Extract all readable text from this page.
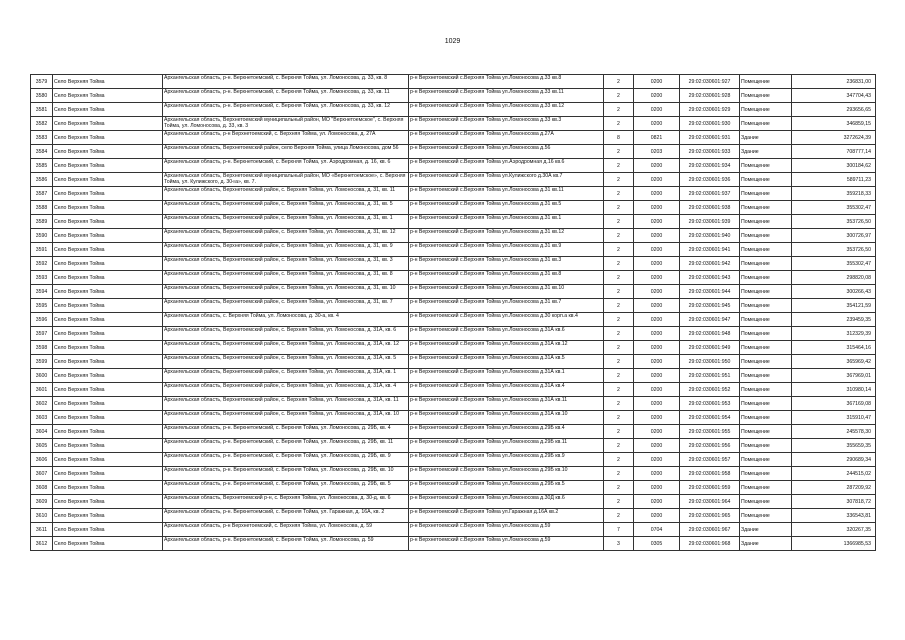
1029
3579	Село Верхняя Тойма	Архангельская область, р-н. Верхнетоемский, с. Верхняя Тойма, ул. Ломоносова, д. 33, кв. 8	р-н Верхнетоемский с.Верхняя Тойма ул.Ломоносова д.33 кв.8	2	0200	29:02:030601:927	Помещение	236831,00
3580	Село Верхняя Тойма	Архангельская область, р-н. Верхнетоемский, с. Верхняя Тойма, ул. Ломоносова, д. 33, кв. 11	р-н Верхнетоемский с.Верхняя Тойма ул.Ломоносова д.33 кв.11	2	0200	29:02:030601:928	Помещение	347704,43
3581	Село Верхняя Тойма	Архангельская область, р-н. Верхнетоемский, с. Верхняя Тойма, ул. Ломоносова, д. 33, кв. 12	р-н Верхнетоемский с.Верхняя Тойма ул.Ломоносова д.33 кв.12	2	0200	29:02:030601:929	Помещение	293656,65
3582	Село Верхняя Тойма	Архангельская область, Верхнетоемский муниципальный район, МО "Верхнетоемское", с. Верхняя Тойма, ул. Ломоносова, д. 33, кв. 3	р-н Верхнетоемский с.Верхняя Тойма ул.Ломоносова д.33 кв.3	2	0200	29:02:030601:930	Помещение	346859,15
3583	Село Верхняя Тойма	Архангельская область, р-н Верхнетоемский, с. Верхняя Тойма, ул. Ломоносова, д. 27А	р-н Верхнетоемский с.Верхняя Тойма ул.Ломоносова д.27А	8	0821	29:02:030601:931	Здание	3272624,39
3584	Село Верхняя Тойма	Архангельская область, Верхнетоемский район, село Верхняя Тойма, улица Ломоносова, дом 56	р-н Верхнетоемский с.Верхняя Тойма ул.Ломоносова д.56	2	0203	29:02:030601:933	Здание	708777,14
3585	Село Верхняя Тойма	Архангельская область, р-н. Верхнетоемский, с. Верхняя Тойма, ул. Аэродромная, д. 16, кв. 6	р-н Верхнетоемский с.Верхняя Тойма ул.Аэродромная д.16 кв.6	2	0200	29:02:030601:934	Помещение	300184,62
3586	Село Верхняя Тойма	Архангельская область, Верхнетоемский муниципальный район, МО «Верхнетоемское», с. Верхняя Тойма, ул. Кулижского, д. 30«а», кв. 7.	р-н Верхнетоемский с.Верхняя Тойма ул.Кулижского д.30А кв.7	2	0200	29:02:030601:936	Помещение	589711,23
3587	Село Верхняя Тойма	Архангельская область, Верхнетоемский район, с. Верхняя Тойма, ул. Ломоносова, д. 31, кв. 11	р-н Верхнетоемский с.Верхняя Тойма ул.Ломоносова д.31 кв.11	2	0200	29:02:030601:937	Помещение	359218,33
3588	Село Верхняя Тойма	Архангельская область, Верхнетоемский район, с. Верхняя Тойма, ул. Ломоносова, д. 31, кв. 5	р-н Верхнетоемский с.Верхняя Тойма ул.Ломоносова д.31 кв.5	2	0200	29:02:030601:938	Помещение	355302,47
3589	Село Верхняя Тойма	Архангельская область, Верхнетоемский район, с. Верхняя Тойма, ул. Ломоносова, д. 31, кв. 1	р-н Верхнетоемский с.Верхняя Тойма ул.Ломоносова д.31 кв.1	2	0200	29:02:030601:939	Помещение	353726,50
3590	Село Верхняя Тойма	Архангельская область, Верхнетоемский район, с. Верхняя Тойма, ул. Ломоносова, д. 31, кв. 12	р-н Верхнетоемский с.Верхняя Тойма ул.Ломоносова д.31 кв.12	2	0200	29:02:030601:940	Помещение	300726,97
3591	Село Верхняя Тойма	Архангельская область, Верхнетоемский район, с. Верхняя Тойма, ул. Ломоносова, д. 31, кв. 9	р-н Верхнетоемский с.Верхняя Тойма ул.Ломоносова д.31 кв.9	2	0200	29:02:030601:941	Помещение	353726,50
3592	Село Верхняя Тойма	Архангельская область, Верхнетоемский район, с. Верхняя Тойма, ул. Ломоносова, д. 31, кв. 3	р-н Верхнетоемский с.Верхняя Тойма ул.Ломоносова д.31 кв.3	2	0200	29:02:030601:942	Помещение	355302,47
3593	Село Верхняя Тойма	Архангельская область, Верхнетоемский район, с. Верхняя Тойма, ул. Ломоносова, д. 31, кв. 8	р-н Верхнетоемский с.Верхняя Тойма ул.Ломоносова д.31 кв.8	2	0200	29:02:030601:943	Помещение	298820,08
3594	Село Верхняя Тойма	Архангельская область, Верхнетоемский район, с. Верхняя Тойма, ул. Ломоносова, д. 31, кв. 10	р-н Верхнетоемский с.Верхняя Тойма ул.Ломоносова д.31 кв.10	2	0200	29:02:030601:944	Помещение	300266,43
3595	Село Верхняя Тойма	Архангельская область, Верхнетоемский район, с. Верхняя Тойма, ул. Ломоносова, д. 31, кв. 7	р-н Верхнетоемский с.Верхняя Тойма ул.Ломоносова д.31 кв.7	2	0200	29:02:030601:945	Помещение	354121,59
3596	Село Верхняя Тойма	Архангельская область, с. Верхняя Тойма, ул. Ломоносова, д. 30-а, кв. 4	р-н Верхнетоемский с.Верхняя Тойма ул.Ломоносова д.30 корп.а кв.4	2	0200	29:02:030601:947	Помещение	239459,35
3597	Село Верхняя Тойма	Архангельская область, Верхнетоемский район, с. Верхняя Тойма, ул. Ломоносова, д. 31А, кв. 6	р-н Верхнетоемский с.Верхняя Тойма ул.Ломоносова д.31А кв.6	2	0200	29:02:030601:948	Помещение	312329,39
3598	Село Верхняя Тойма	Архангельская область, Верхнетоемский район, с. Верхняя Тойма, ул. Ломоносова, д. 31А, кв. 12	р-н Верхнетоемский с.Верхняя Тойма ул.Ломоносова д.31А кв.12	2	0200	29:02:030601:949	Помещение	315464,16
3599	Село Верхняя Тойма	Архангельская область, Верхнетоемский район, с. Верхняя Тойма, ул. Ломоносова, д. 31А, кв. 5	р-н Верхнетоемский с.Верхняя Тойма ул.Ломоносова д.31А кв.5	2	0200	29:02:030601:950	Помещение	365969,42
3600	Село Верхняя Тойма	Архангельская область, Верхнетоемский район, с. Верхняя Тойма, ул. Ломоносова, д. 31А, кв. 1	р-н Верхнетоемский с.Верхняя Тойма ул.Ломоносова д.31А кв.1	2	0200	29:02:030601:951	Помещение	367969,01
3601	Село Верхняя Тойма	Архангельская область, Верхнетоемский район, с. Верхняя Тойма, ул. Ломоносова, д. 31А, кв. 4	р-н Верхнетоемский с.Верхняя Тойма ул.Ломоносова д.31А кв.4	2	0200	29:02:030601:952	Помещение	310980,14
3602	Село Верхняя Тойма	Архангельская область, Верхнетоемский район, с. Верхняя Тойма, ул. Ломоносова, д. 31А, кв. 11	р-н Верхнетоемский с.Верхняя Тойма ул.Ломоносова д.31А кв.11	2	0200	29:02:030601:953	Помещение	367169,08
3603	Село Верхняя Тойма	Архангельская область, Верхнетоемский район, с. Верхняя Тойма, ул. Ломоносова, д. 31А, кв. 10	р-н Верхнетоемский с.Верхняя Тойма ул.Ломоносова д.31А кв.10	2	0200	29:02:030601:954	Помещение	315910,47
3604	Село Верхняя Тойма	Архангельская область, р-н. Верхнетоемский, с. Верхняя Тойма, ул. Ломоносова, д. 29Б, кв. 4	р-н Верхнетоемский с.Верхняя Тойма ул.Ломоносова д.29Б кв.4	2	0200	29:02:030601:955	Помещение	245578,30
3605	Село Верхняя Тойма	Архангельская область, р-н. Верхнетоемский, с. Верхняя Тойма, ул. Ломоносова, д. 29Б, кв. 11	р-н Верхнетоемский с.Верхняя Тойма ул.Ломоносова д.29Б кв.11	2	0200	29:02:030601:956	Помещение	355659,35
3606	Село Верхняя Тойма	Архангельская область, р-н. Верхнетоемский, с. Верхняя Тойма, ул. Ломоносова, д. 29Б, кв. 9	р-н Верхнетоемский с.Верхняя Тойма ул.Ломоносова д.29Б кв.9	2	0200	29:02:030601:957	Помещение	290689,34
3607	Село Верхняя Тойма	Архангельская область, р-н. Верхнетоемский, с. Верхняя Тойма, ул. Ломоносова, д. 29Б, кв. 10	р-н Верхнетоемский с.Верхняя Тойма ул.Ломоносова д.29Б кв.10	2	0200	29:02:030601:958	Помещение	244515,02
3608	Село Верхняя Тойма	Архангельская область, р-н. Верхнетоемский, с. Верхняя Тойма, ул. Ломоносова, д. 29Б, кв. 5	р-н Верхнетоемский с.Верхняя Тойма ул.Ломоносова д.29Б кв.5	2	0200	29:02:030601:959	Помещение	287209,92
3609	Село Верхняя Тойма	Архангельская область, Верхнетоемский р-н, с. Верхняя Тойма, ул. Ломоносова, д. 30-д, кв. 6	р-н Верхнетоемский с.Верхняя Тойма ул.Ломоносова д.30Д кв.6	2	0200	29:02:030601:964	Помещение	307818,72
3610	Село Верхняя Тойма	Архангельская область, р-н. Верхнетоемский, с. Верхняя Тойма, ул. Гаражная, д. 16А, кв. 2	р-н Верхнетоемский с.Верхняя Тойма ул.Гаражная д.16А кв.2	2	0200	29:02:030601:965	Помещение	336543,81
3611	Село Верхняя Тойма	Архангельская область, р-н Верхнетоемский, с. Верхняя Тойма, ул. Ломоносова, д. 59	р-н Верхнетоемский с.Верхняя Тойма ул.Ломоносова д.59	7	0704	29:02:030601:967	Здание	320267,35
3612	Село Верхняя Тойма	Архангельская область, р-н. Верхнетоемский, с. Верхняя Тойма, ул. Ломоносова, д. 59	р-н Верхнетоемский с.Верхняя Тойма ул.Ломоносова д.59	3	0305	29:02:030601:968	Здание	1366985,53
